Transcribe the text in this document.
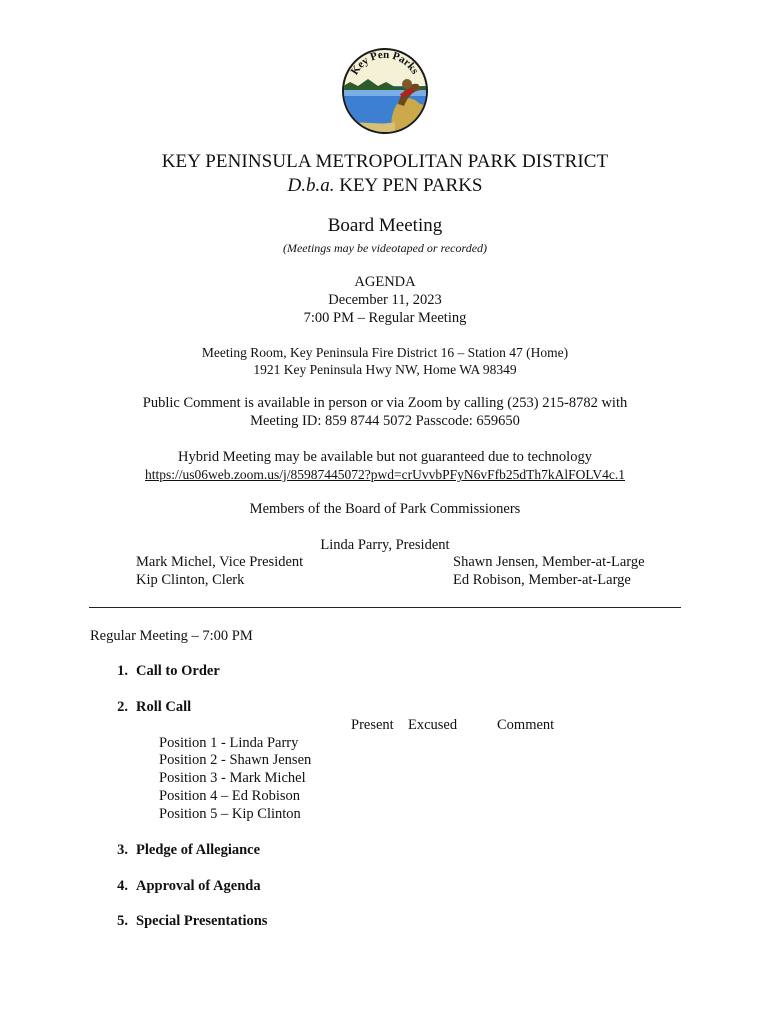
Key Pen Parks
KEY PENINSULA METROPOLITAN PARK DISTRICT
D.b.a. KEY PEN PARKS
Board Meeting
(Meetings may be videotaped or recorded)
AGENDA
December 11, 2023
7:00 PM – Regular Meeting
Meeting Room, Key Peninsula Fire District 16 – Station 47 (Home)
1921 Key Peninsula Hwy NW, Home WA 98349
Public Comment is available in person or via Zoom by calling (253) 215-8782 with
Meeting ID: 859 8744 5072 Passcode: 659650
Hybrid Meeting may be available but not guaranteed due to technology
https://us06web.zoom.us/j/85987445072?pwd=crUvvbPFyN6vFfb25dTh7kAlFOLV4c.1
Members of the Board of Park Commissioners
Linda Parry, President
Mark Michel, Vice President
Kip Clinton, Clerk
Shawn Jensen, Member-at-Large
Ed Robison, Member-at-Large
Regular Meeting – 7:00 PM
1. Call to Order
2. Roll Call
Present Excused	Comment
Position 1 - Linda Parry
Position 2 - Shawn Jensen
Position 3 - Mark Michel
Position 4 – Ed Robison
Position 5 – Kip Clinton
3. Pledge of Allegiance
4. Approval of Agenda
5. Special Presentations
